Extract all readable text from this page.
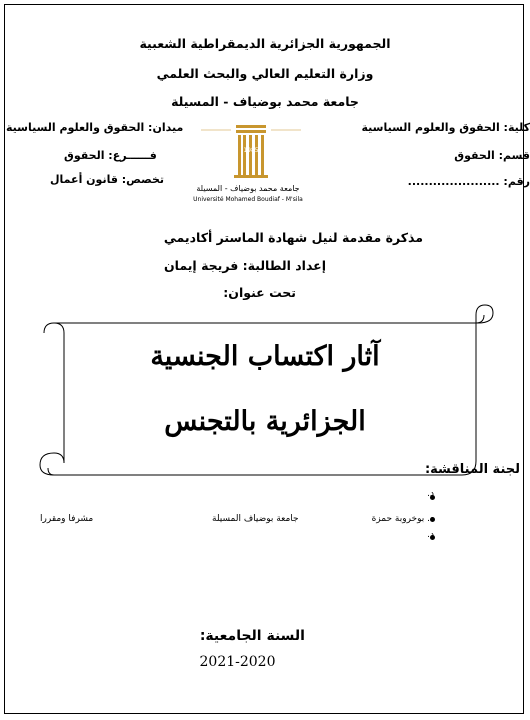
الجمهورية الجزائرية الديمقراطية الشعبية
وزارة التعليم العالي والبحث العلمي
جامعة محمد بوضياف - المسيلة
كلية: الحقوق والعلوم السياسية
قسم: الحقوق
رقم: ......................
ميدان: الحقوق والعلوم السياسية
فــــــرع: الحقوق
تخصص: قانون أعمال
1985
جامعة محمد بوضياف - المسيلة
Université Mohamed Boudiaf - M'sila
مذكرة مقدمة لنيل شهادة الماستر أكاديمي
إعداد الطالبة: فريجة إيمان
تحت عنوان:
آثار اكتساب الجنسية
الجزائرية بالتجنس
لجنة المناقشة:
د.
د. بوخروبة حمزة
جامعة بوضياف المسيلة
مشرفا ومقررا
د.
السنة الجامعية:
2021-2020
